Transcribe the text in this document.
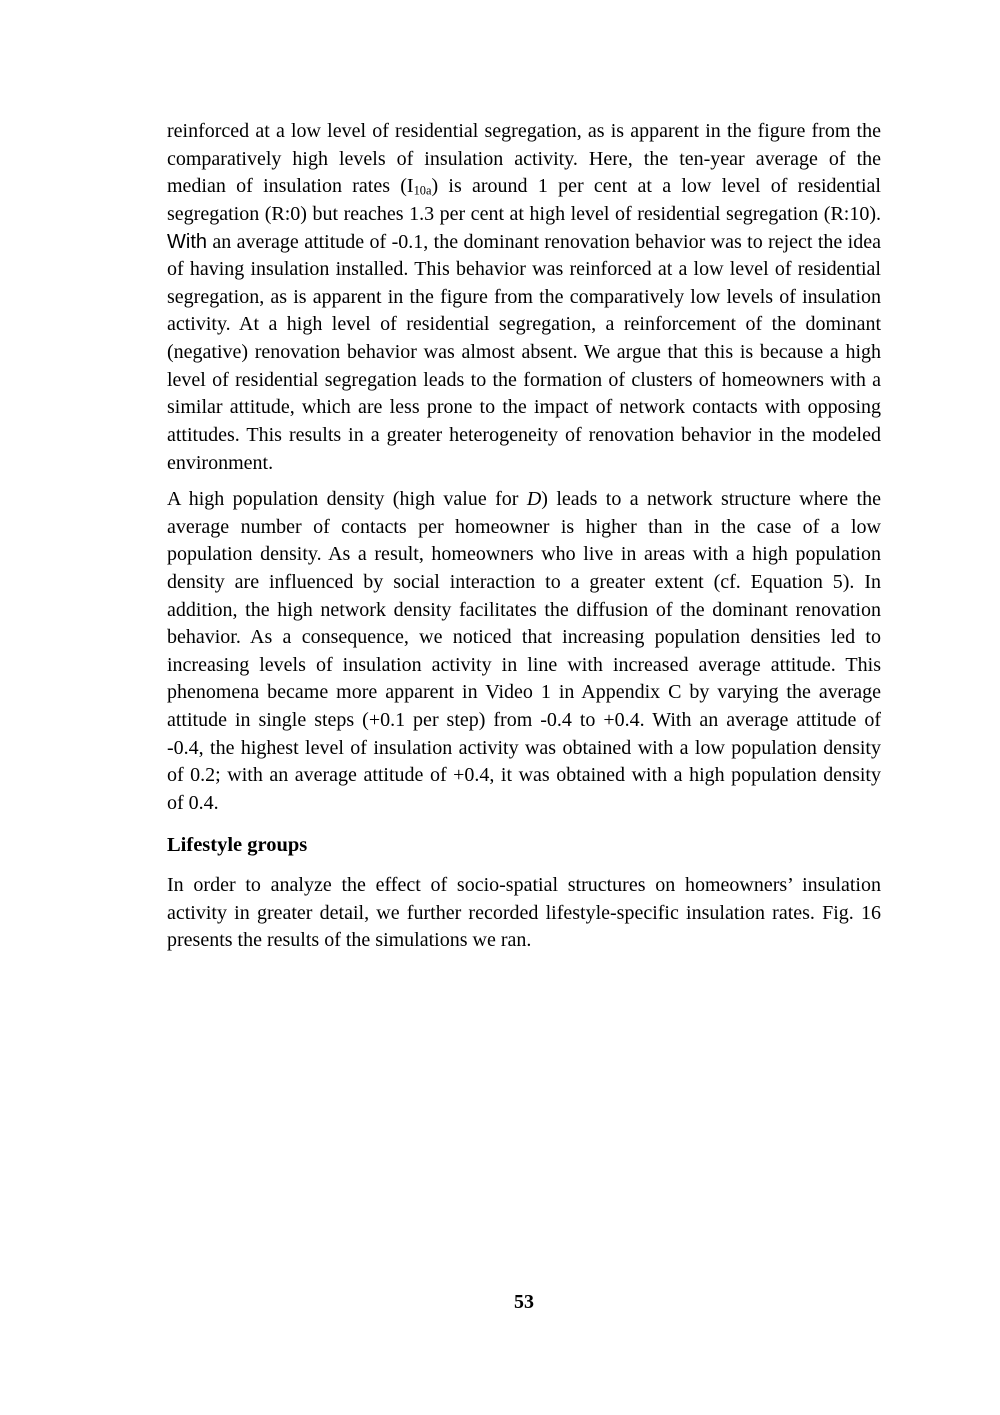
reinforced at a low level of residential segregation, as is apparent in the figure from the
comparatively high levels of insulation activity. Here, the ten-year average of the
median of insulation rates (I10a) is around 1 per cent at a low level of residential
segregation (R:0) but reaches 1.3 per cent at high level of residential segregation (R:10).
With an average attitude of -0.1, the dominant renovation behavior was to reject the idea
of having insulation installed. This behavior was reinforced at a low level of residential
segregation, as is apparent in the figure from the comparatively low levels of insulation
activity. At a high level of residential segregation, a reinforcement of the dominant
(negative) renovation behavior was almost absent. We argue that this is because a high
level of residential segregation leads to the formation of clusters of homeowners with a
similar attitude, which are less prone to the impact of network contacts with opposing
attitudes. This results in a greater heterogeneity of renovation behavior in the modeled
environment.
A high population density (high value for D) leads to a network structure where the
average number of contacts per homeowner is higher than in the case of a low
population density. As a result, homeowners who live in areas with a high population
density are influenced by social interaction to a greater extent (cf. Equation 5). In
addition, the high network density facilitates the diffusion of the dominant renovation
behavior. As a consequence, we noticed that increasing population densities led to
increasing levels of insulation activity in line with increased average attitude. This
phenomena became more apparent in Video 1 in Appendix C by varying the average
attitude in single steps (+0.1 per step) from -0.4 to +0.4. With an average attitude of
-0.4, the highest level of insulation activity was obtained with a low population density
of 0.2; with an average attitude of +0.4, it was obtained with a high population density
of 0.4.
Lifestyle groups
In order to analyze the effect of socio-spatial structures on homeowners’ insulation
activity in greater detail, we further recorded lifestyle-specific insulation rates. Fig. 16
presents the results of the simulations we ran.
53
